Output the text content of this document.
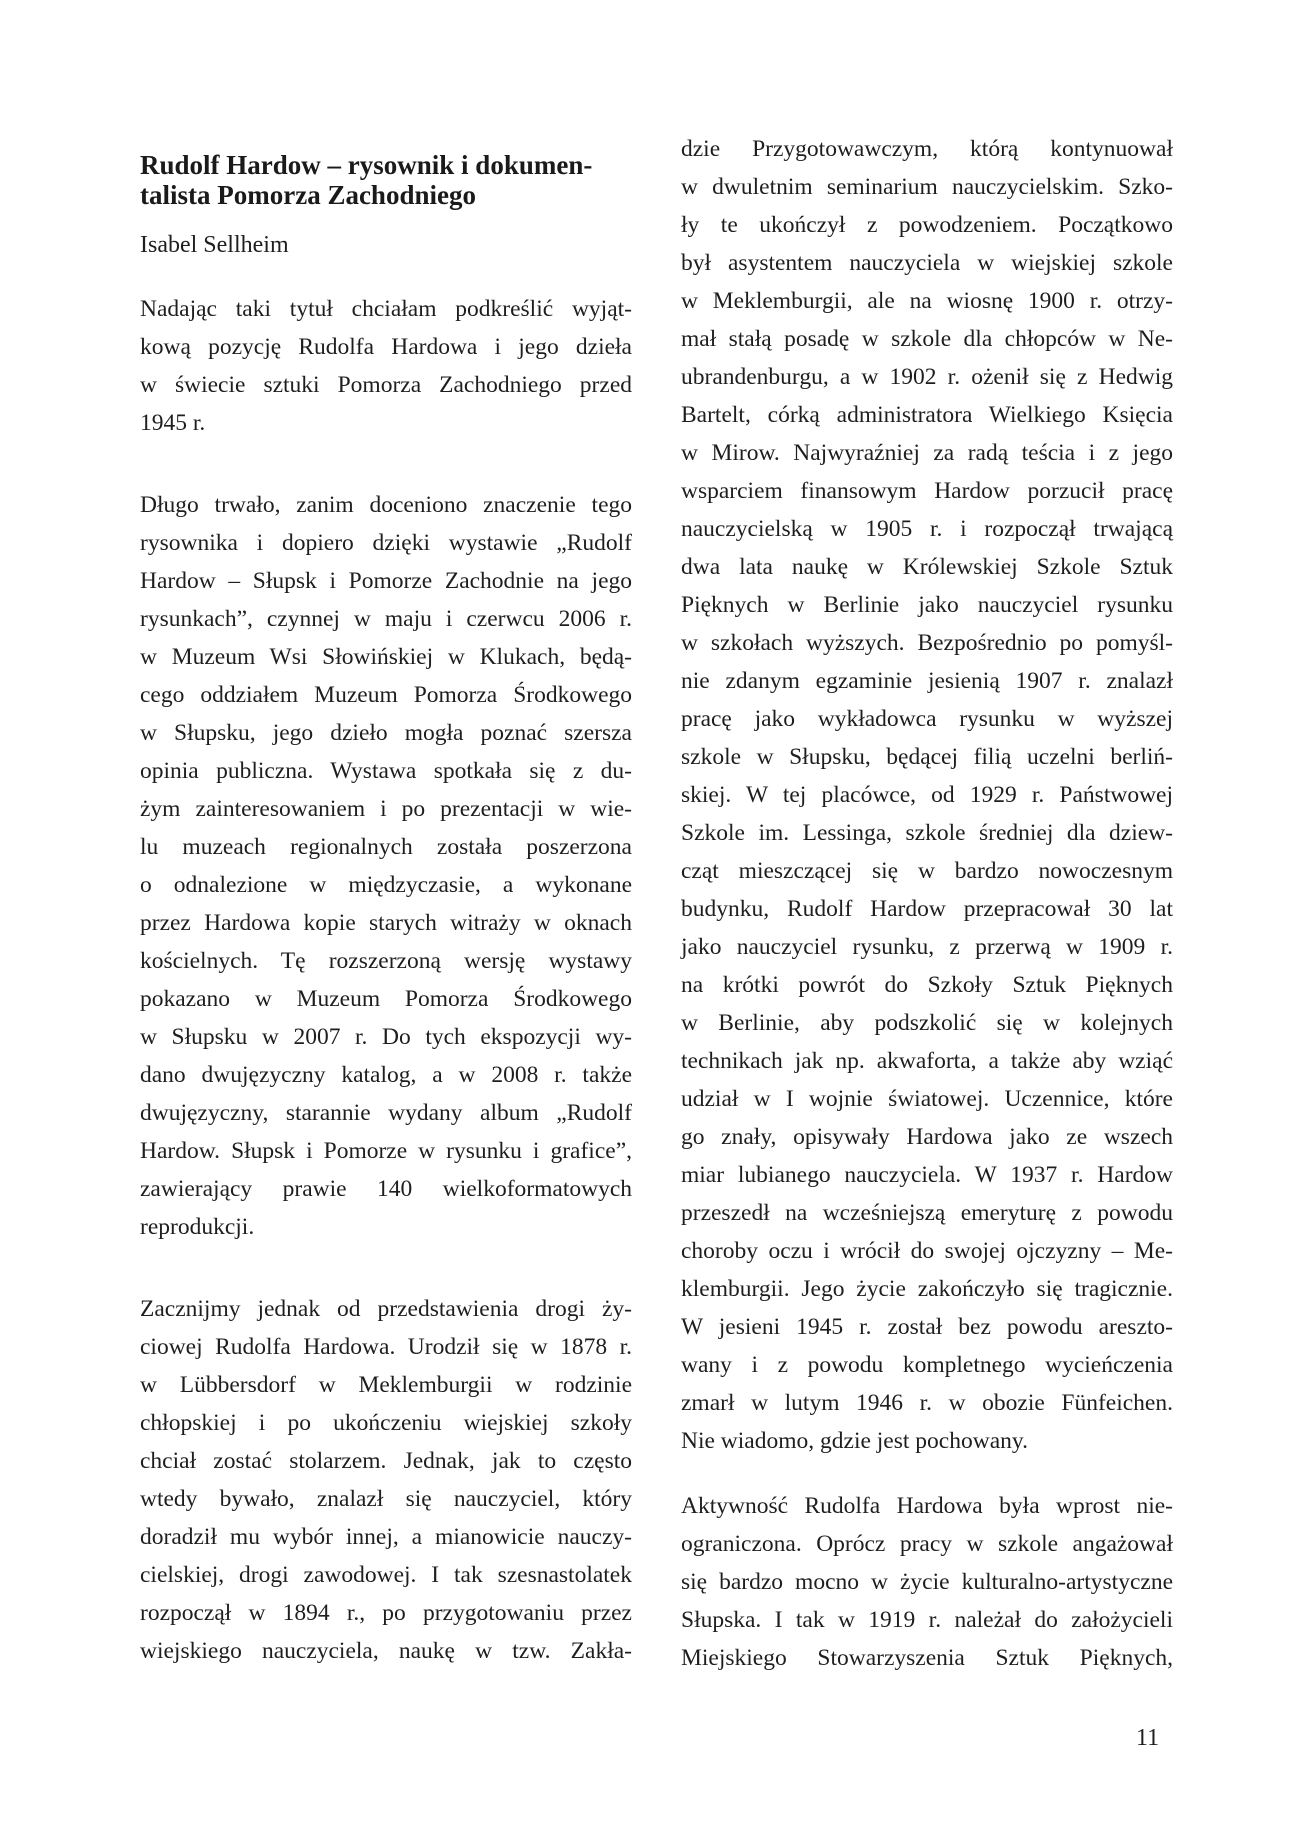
Rudolf Hardow – rysownik i dokumen-
talista Pomorza Zachodniego
Isabel Sellheim
Nadając taki tytuł chciałam podkreślić wyjąt-
kową pozycję Rudolfa Hardowa i jego dzieła
w świecie sztuki Pomorza Zachodniego przed
1945 r.
Długo trwało, zanim doceniono znaczenie tego
rysownika i dopiero dzięki wystawie „Rudolf
Hardow – Słupsk i Pomorze Zachodnie na jego
rysunkach”, czynnej w maju i czerwcu 2006 r.
w Muzeum Wsi Słowińskiej w Klukach, będą-
cego oddziałem Muzeum Pomorza Środkowego
w Słupsku, jego dzieło mogła poznać szersza
opinia publiczna. Wystawa spotkała się z du-
żym zainteresowaniem i po prezentacji w wie-
lu muzeach regionalnych została poszerzona
o odnalezione w międzyczasie, a wykonane
przez Hardowa kopie starych witraży w oknach
kościelnych. Tę rozszerzoną wersję wystawy
pokazano w Muzeum Pomorza Środkowego
w Słupsku w 2007 r. Do tych ekspozycji wy-
dano dwujęzyczny katalog, a w 2008 r. także
dwujęzyczny, starannie wydany album „Rudolf
Hardow. Słupsk i Pomorze w rysunku i grafice”,
zawierający prawie 140 wielkoformatowych
reprodukcji.
Zacznijmy jednak od przedstawienia drogi ży-
ciowej Rudolfa Hardowa. Urodził się w 1878 r.
w Lübbersdorf w Meklemburgii w rodzinie
chłopskiej i po ukończeniu wiejskiej szkoły
chciał zostać stolarzem. Jednak, jak to często
wtedy bywało, znalazł się nauczyciel, który
doradził mu wybór innej, a mianowicie nauczy-
cielskiej, drogi zawodowej. I tak szesnastolatek
rozpoczął w 1894 r., po przygotowaniu przez
wiejskiego nauczyciela, naukę w tzw. Zakła-
dzie Przygotowawczym, którą kontynuował
w dwuletnim seminarium nauczycielskim. Szko-
ły te ukończył z powodzeniem. Początkowo
był asystentem nauczyciela w wiejskiej szkole
w Meklemburgii, ale na wiosnę 1900 r. otrzy-
mał stałą posadę w szkole dla chłopców w Ne-
ubrandenburgu, a w 1902 r. ożenił się z Hedwig
Bartelt, córką administratora Wielkiego Księcia
w Mirow. Najwyraźniej za radą teścia i z jego
wsparciem finansowym Hardow porzucił pracę
nauczycielską w 1905 r. i rozpoczął trwającą
dwa lata naukę w Królewskiej Szkole Sztuk
Pięknych w Berlinie jako nauczyciel rysunku
w szkołach wyższych. Bezpośrednio po pomyśl-
nie zdanym egzaminie jesienią 1907 r. znalazł
pracę jako wykładowca rysunku w wyższej
szkole w Słupsku, będącej filią uczelni berliń-
skiej. W tej placówce, od 1929 r. Państwowej
Szkole im. Lessinga, szkole średniej dla dziew-
cząt mieszczącej się w bardzo nowoczesnym
budynku, Rudolf Hardow przepracował 30 lat
jako nauczyciel rysunku, z przerwą w 1909 r.
na krótki powrót do Szkoły Sztuk Pięknych
w Berlinie, aby podszkolić się w kolejnych
technikach jak np. akwaforta, a także aby wziąć
udział w I wojnie światowej. Uczennice, które
go znały, opisywały Hardowa jako ze wszech
miar lubianego nauczyciela. W 1937 r. Hardow
przeszedł na wcześniejszą emeryturę z powodu
choroby oczu i wrócił do swojej ojczyzny – Me-
klemburgii. Jego życie zakończyło się tragicznie.
W jesieni 1945 r. został bez powodu areszto-
wany i z powodu kompletnego wycieńczenia
zmarł w lutym 1946 r. w obozie Fünfeichen.
Nie wiadomo, gdzie jest pochowany.
Aktywność Rudolfa Hardowa była wprost nie-
ograniczona. Oprócz pracy w szkole angażował
się bardzo mocno w życie kulturalno-artystyczne
Słupska. I tak w 1919 r. należał do założycieli
Miejskiego Stowarzyszenia Sztuk Pięknych,
11
